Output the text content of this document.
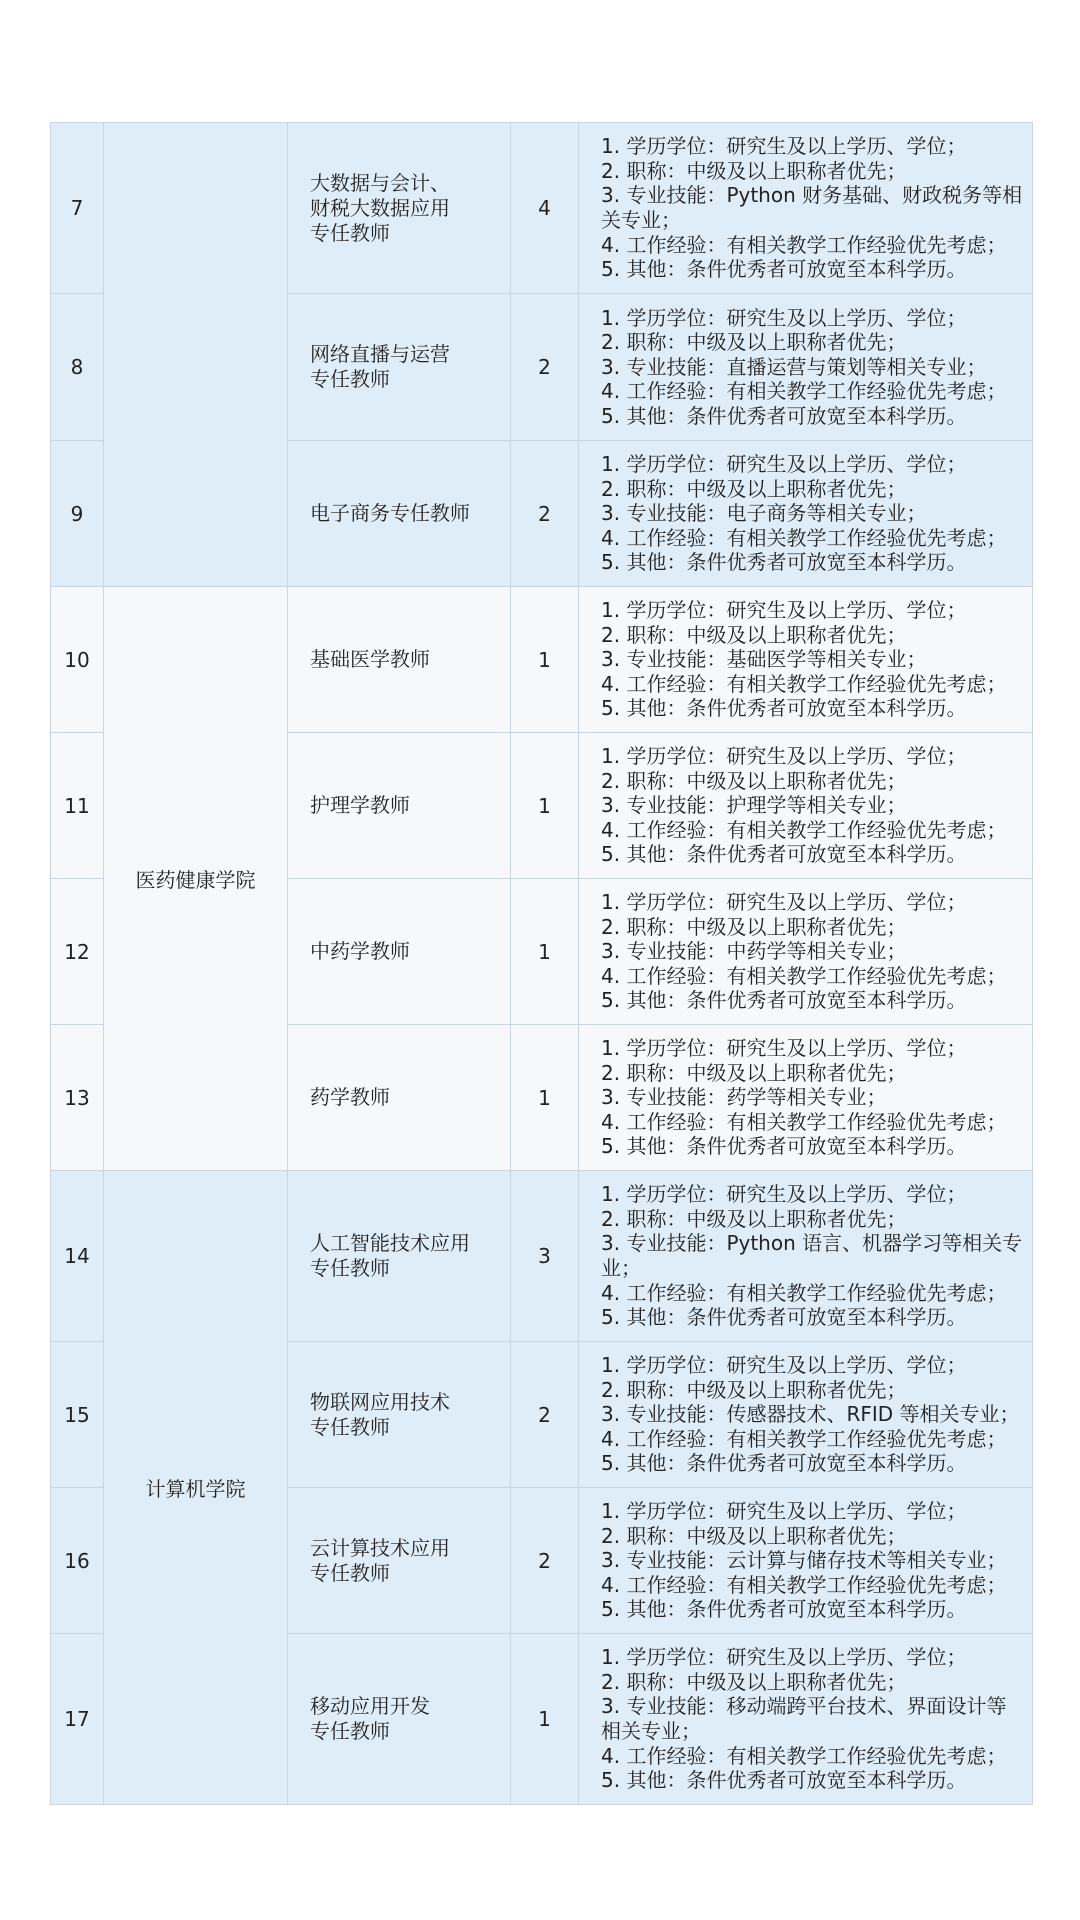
7		大数据与会计、
财税大数据应用
专任教师	4	1. 学历学位：研究生及以上学历、学位；
2. 职称：中级及以上职称者优先；
3. 专业技能：Python 财务基础、财政税务等相关专业；
4. 工作经验：有相关教学工作经验优先考虑；
5. 其他：条件优秀者可放宽至本科学历。

8		网络直播与运营
专任教师	2	1. 学历学位：研究生及以上学历、学位；
2. 职称：中级及以上职称者优先；
3. 专业技能：直播运营与策划等相关专业；
4. 工作经验：有相关教学工作经验优先考虑；
5. 其他：条件优秀者可放宽至本科学历。

9		电子商务专任教师	2	1. 学历学位：研究生及以上学历、学位；
2. 职称：中级及以上职称者优先；
3. 专业技能：电子商务等相关专业；
4. 工作经验：有相关教学工作经验优先考虑；
5. 其他：条件优秀者可放宽至本科学历。

10	医药健康学院	基础医学教师	1	1. 学历学位：研究生及以上学历、学位；
2. 职称：中级及以上职称者优先；
3. 专业技能：基础医学等相关专业；
4. 工作经验：有相关教学工作经验优先考虑；
5. 其他：条件优秀者可放宽至本科学历。

11		护理学教师	1	1. 学历学位：研究生及以上学历、学位；
2. 职称：中级及以上职称者优先；
3. 专业技能：护理学等相关专业；
4. 工作经验：有相关教学工作经验优先考虑；
5. 其他：条件优秀者可放宽至本科学历。

12		中药学教师	1	1. 学历学位：研究生及以上学历、学位；
2. 职称：中级及以上职称者优先；
3. 专业技能：中药学等相关专业；
4. 工作经验：有相关教学工作经验优先考虑；
5. 其他：条件优秀者可放宽至本科学历。

13		药学教师	1	1. 学历学位：研究生及以上学历、学位；
2. 职称：中级及以上职称者优先；
3. 专业技能：药学等相关专业；
4. 工作经验：有相关教学工作经验优先考虑；
5. 其他：条件优秀者可放宽至本科学历。

14	计算机学院	人工智能技术应用
专任教师	3	1. 学历学位：研究生及以上学历、学位；
2. 职称：中级及以上职称者优先；
3. 专业技能：Python 语言、机器学习等相关专业；
4. 工作经验：有相关教学工作经验优先考虑；
5. 其他：条件优秀者可放宽至本科学历。

15		物联网应用技术
专任教师	2	1. 学历学位：研究生及以上学历、学位；
2. 职称：中级及以上职称者优先；
3. 专业技能：传感器技术、RFID 等相关专业；
4. 工作经验：有相关教学工作经验优先考虑；
5. 其他：条件优秀者可放宽至本科学历。

16		云计算技术应用
专任教师	2	1. 学历学位：研究生及以上学历、学位；
2. 职称：中级及以上职称者优先；
3. 专业技能：云计算与储存技术等相关专业；
4. 工作经验：有相关教学工作经验优先考虑；
5. 其他：条件优秀者可放宽至本科学历。

17		移动应用开发
专任教师	1	1. 学历学位：研究生及以上学历、学位；
2. 职称：中级及以上职称者优先；
3. 专业技能：移动端跨平台技术、界面设计等相关专业；
4. 工作经验：有相关教学工作经验优先考虑；
5. 其他：条件优秀者可放宽至本科学历。
